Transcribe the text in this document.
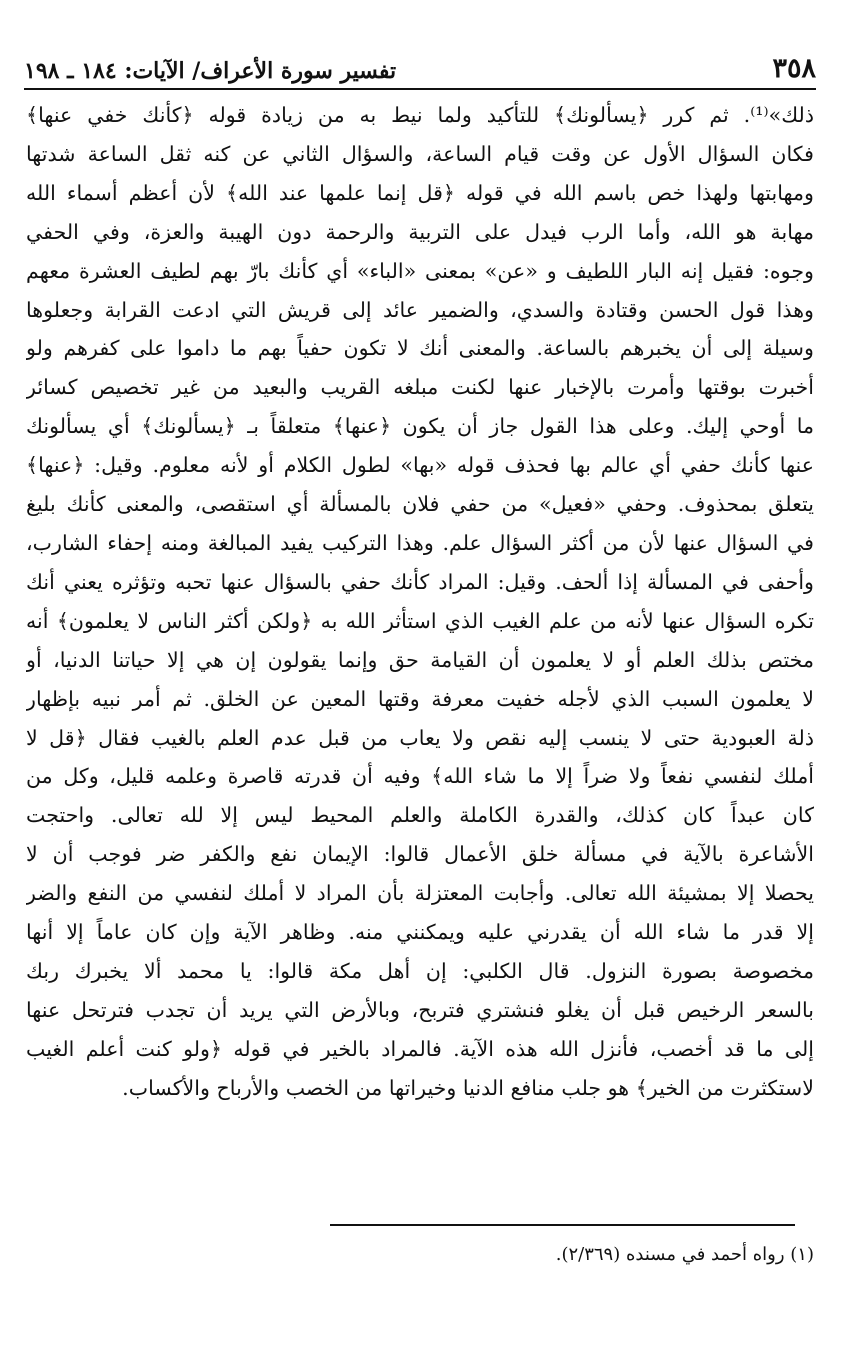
٣٥٨
تفسير سورة الأعراف/ الآيات: ١٨٤ ـ ١٩٨
ذلك»⁽¹⁾. ثم كرر ﴿يسألونك﴾ للتأكيد ولما نيط به من زيادة قوله ﴿كأنك خفي عنها﴾
فكان السؤال الأول عن وقت قيام الساعة، والسؤال الثاني عن كنه ثقل الساعة شدتها
ومهابتها ولهذا خص باسم الله في قوله ﴿قل إنما علمها عند الله﴾ لأن أعظم أسماء الله
مهابة هو الله، وأما الرب فيدل على التربية والرحمة دون الهيبة والعزة، وفي الحفي
وجوه: فقيل إنه البار اللطيف و «عن» بمعنى «الباء» أي كأنك بارّ بهم لطيف العشرة معهم
وهذا قول الحسن وقتادة والسدي، والضمير عائد إلى قريش التي ادعت القرابة وجعلوها
وسيلة إلى أن يخبرهم بالساعة. والمعنى أنك لا تكون حفياً بهم ما داموا على كفرهم ولو
أخبرت بوقتها وأمرت بالإخبار عنها لكنت مبلغه القريب والبعيد من غير تخصيص كسائر
ما أوحي إليك. وعلى هذا القول جاز أن يكون ﴿عنها﴾ متعلقاً بـ ﴿يسألونك﴾ أي يسألونك
عنها كأنك حفي أي عالم بها فحذف قوله «بها» لطول الكلام أو لأنه معلوم. وقيل: ﴿عنها﴾
يتعلق بمحذوف. وحفي «فعيل» من حفي فلان بالمسألة أي استقصى، والمعنى كأنك بليغ
في السؤال عنها لأن من أكثر السؤال علم. وهذا التركيب يفيد المبالغة ومنه إحفاء الشارب،
وأحفى في المسألة إذا ألحف. وقيل: المراد كأنك حفي بالسؤال عنها تحبه وتؤثره يعني أنك
تكره السؤال عنها لأنه من علم الغيب الذي استأثر الله به ﴿ولكن أكثر الناس لا يعلمون﴾ أنه
مختص بذلك العلم أو لا يعلمون أن القيامة حق وإنما يقولون إن هي إلا حياتنا الدنيا، أو
لا يعلمون السبب الذي لأجله خفيت معرفة وقتها المعين عن الخلق. ثم أمر نبيه بإظهار
ذلة العبودية حتى لا ينسب إليه نقص ولا يعاب من قبل عدم العلم بالغيب فقال ﴿قل لا
أملك لنفسي نفعاً ولا ضراً إلا ما شاء الله﴾ وفيه أن قدرته قاصرة وعلمه قليل، وكل من
كان عبداً كان كذلك، والقدرة الكاملة والعلم المحيط ليس إلا لله تعالى. واحتجت
الأشاعرة بالآية في مسألة خلق الأعمال قالوا: الإيمان نفع والكفر ضر فوجب أن لا
يحصلا إلا بمشيئة الله تعالى. وأجابت المعتزلة بأن المراد لا أملك لنفسي من النفع والضر
إلا قدر ما شاء الله أن يقدرني عليه ويمكنني منه. وظاهر الآية وإن كان عاماً إلا أنها
مخصوصة بصورة النزول. قال الكلبي: إن أهل مكة قالوا: يا محمد ألا يخبرك ربك
بالسعر الرخيص قبل أن يغلو فنشتري فتربح، وبالأرض التي يريد أن تجدب فترتحل عنها
إلى ما قد أخصب، فأنزل الله هذه الآية. فالمراد بالخير في قوله ﴿ولو كنت أعلم الغيب
لاستكثرت من الخير﴾ هو جلب منافع الدنيا وخيراتها من الخصب والأرباح والأكساب.
(١) رواه أحمد في مسنده (٢/٣٦٩).
